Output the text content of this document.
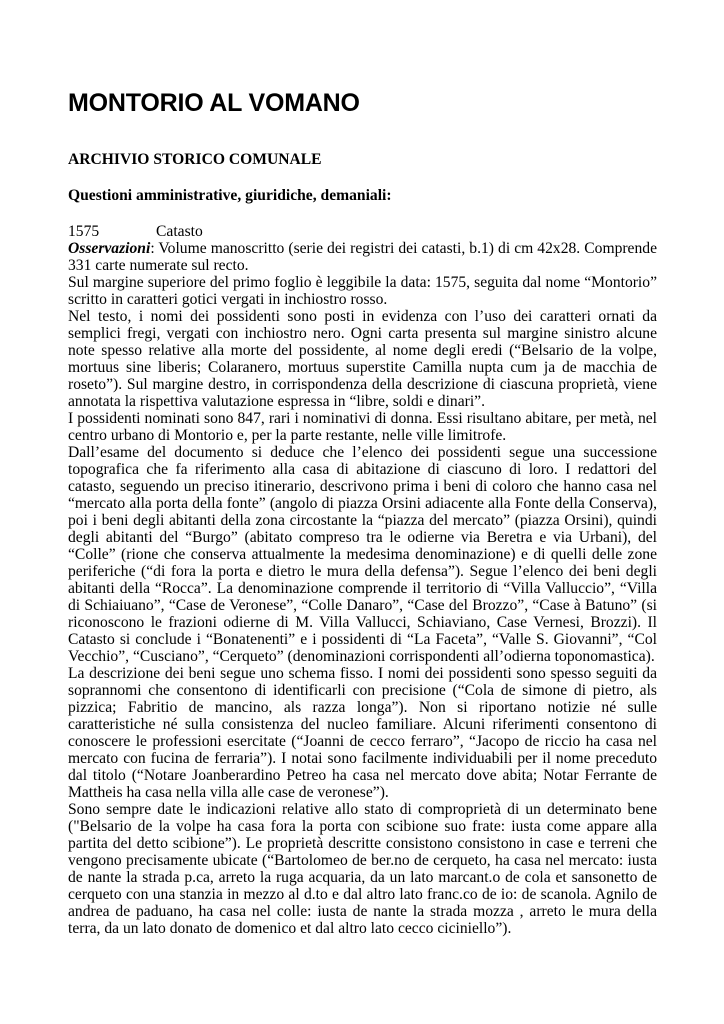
MONTORIO AL VOMANO
ARCHIVIO STORICO COMUNALE
Questioni amministrative, giuridiche, demaniali:
1575	Catasto

Osservazioni: Volume manoscritto (serie dei registri dei catasti, b.1) di cm 42x28. Comprende 331 carte numerate sul recto.

Sul margine superiore del primo foglio è leggibile la data: 1575, seguita dal nome “Montorio” scritto in caratteri gotici vergati in inchiostro rosso.

Nel testo, i nomi dei possidenti sono posti in evidenza con l’uso dei caratteri ornati da semplici fregi, vergati con inchiostro nero. Ogni carta presenta sul margine sinistro alcune note spesso relative alla morte del possidente, al nome degli eredi (“Belsario de la volpe, mortuus sine liberis; Colaranero, mortuus superstite Camilla nupta cum ja de macchia de roseto”). Sul margine destro, in corrispondenza della descrizione di ciascuna proprietà, viene annotata la rispettiva valutazione espressa in “libre, soldi e dinari”.

I possidenti nominati sono 847, rari i nominativi di donna. Essi risultano abitare, per metà, nel centro urbano di Montorio e, per la parte restante, nelle ville limitrofe.

Dall’esame del documento si deduce che l’elenco dei possidenti segue una successione topografica che fa riferimento alla casa di abitazione di ciascuno di loro. I redattori del catasto, seguendo un preciso itinerario, descrivono prima i beni di coloro che hanno casa nel “mercato alla porta della fonte” (angolo di piazza Orsini adiacente alla Fonte della Conserva), poi i beni degli abitanti della zona circostante la “piazza del mercato” (piazza Orsini), quindi degli abitanti del “Burgo” (abitato compreso tra le odierne via Beretra e via Urbani), del “Colle” (rione che conserva attualmente la medesima denominazione) e di quelli delle zone periferiche (“di fora la porta e dietro le mura della defensa”). Segue l’elenco dei beni degli abitanti della “Rocca”. La denominazione comprende il territorio di “Villa Valluccio”, “Villa di Schiaiuano”, “Case de Veronese”, “Colle Danaro”, “Case del Brozzo”, “Case à Batuno” (si riconoscono le frazioni odierne di M. Villa Vallucci, Schiaviano, Case Vernesi, Brozzi). Il Catasto si conclude i “Bonatenenti” e i possidenti di “La Faceta”, “Valle S. Giovanni”, “Col Vecchio”, “Cusciano”, “Cerqueto” (denominazioni corrispondenti all’odierna toponomastica).

La descrizione dei beni segue uno schema fisso. I nomi dei possidenti sono spesso seguiti da soprannomi che consentono di identificarli con precisione (“Cola de simone di pietro, als pizzica; Fabritio de mancino, als razza longa”). Non si riportano notizie né sulle caratteristiche né sulla consistenza del nucleo familiare. Alcuni riferimenti consentono di conoscere le professioni esercitate (“Joanni de cecco ferraro”, “Jacopo de riccio ha casa nel mercato con fucina de ferraria”). I notai sono facilmente individuabili per il nome preceduto dal titolo (“Notare Joanberardino Petreo ha casa nel mercato dove abita; Notar Ferrante de Mattheis ha casa nella villa alle case de veronese”).

Sono sempre date le indicazioni relative allo stato di comproprietà di un determinato bene ("Belsario de la volpe ha casa fora la porta con scibione suo frate: iusta come appare alla partita del detto scibione”). Le proprietà descritte consistono consistono in case e terreni che vengono precisamente ubicate (“Bartolomeo de ber.no de cerqueto, ha casa nel mercato: iusta de nante la strada p.ca, arreto la ruga acquaria, da un lato marcant.o de cola et sansonetto de cerqueto con una stanzia in mezzo al d.to e dal altro lato franc.co de io: de scanola. Agnilo de andrea de paduano, ha casa nel colle: iusta de nante la strada mozza , arreto le mura della terra, da un lato donato de domenico et dal altro lato cecco ciciniello”).
